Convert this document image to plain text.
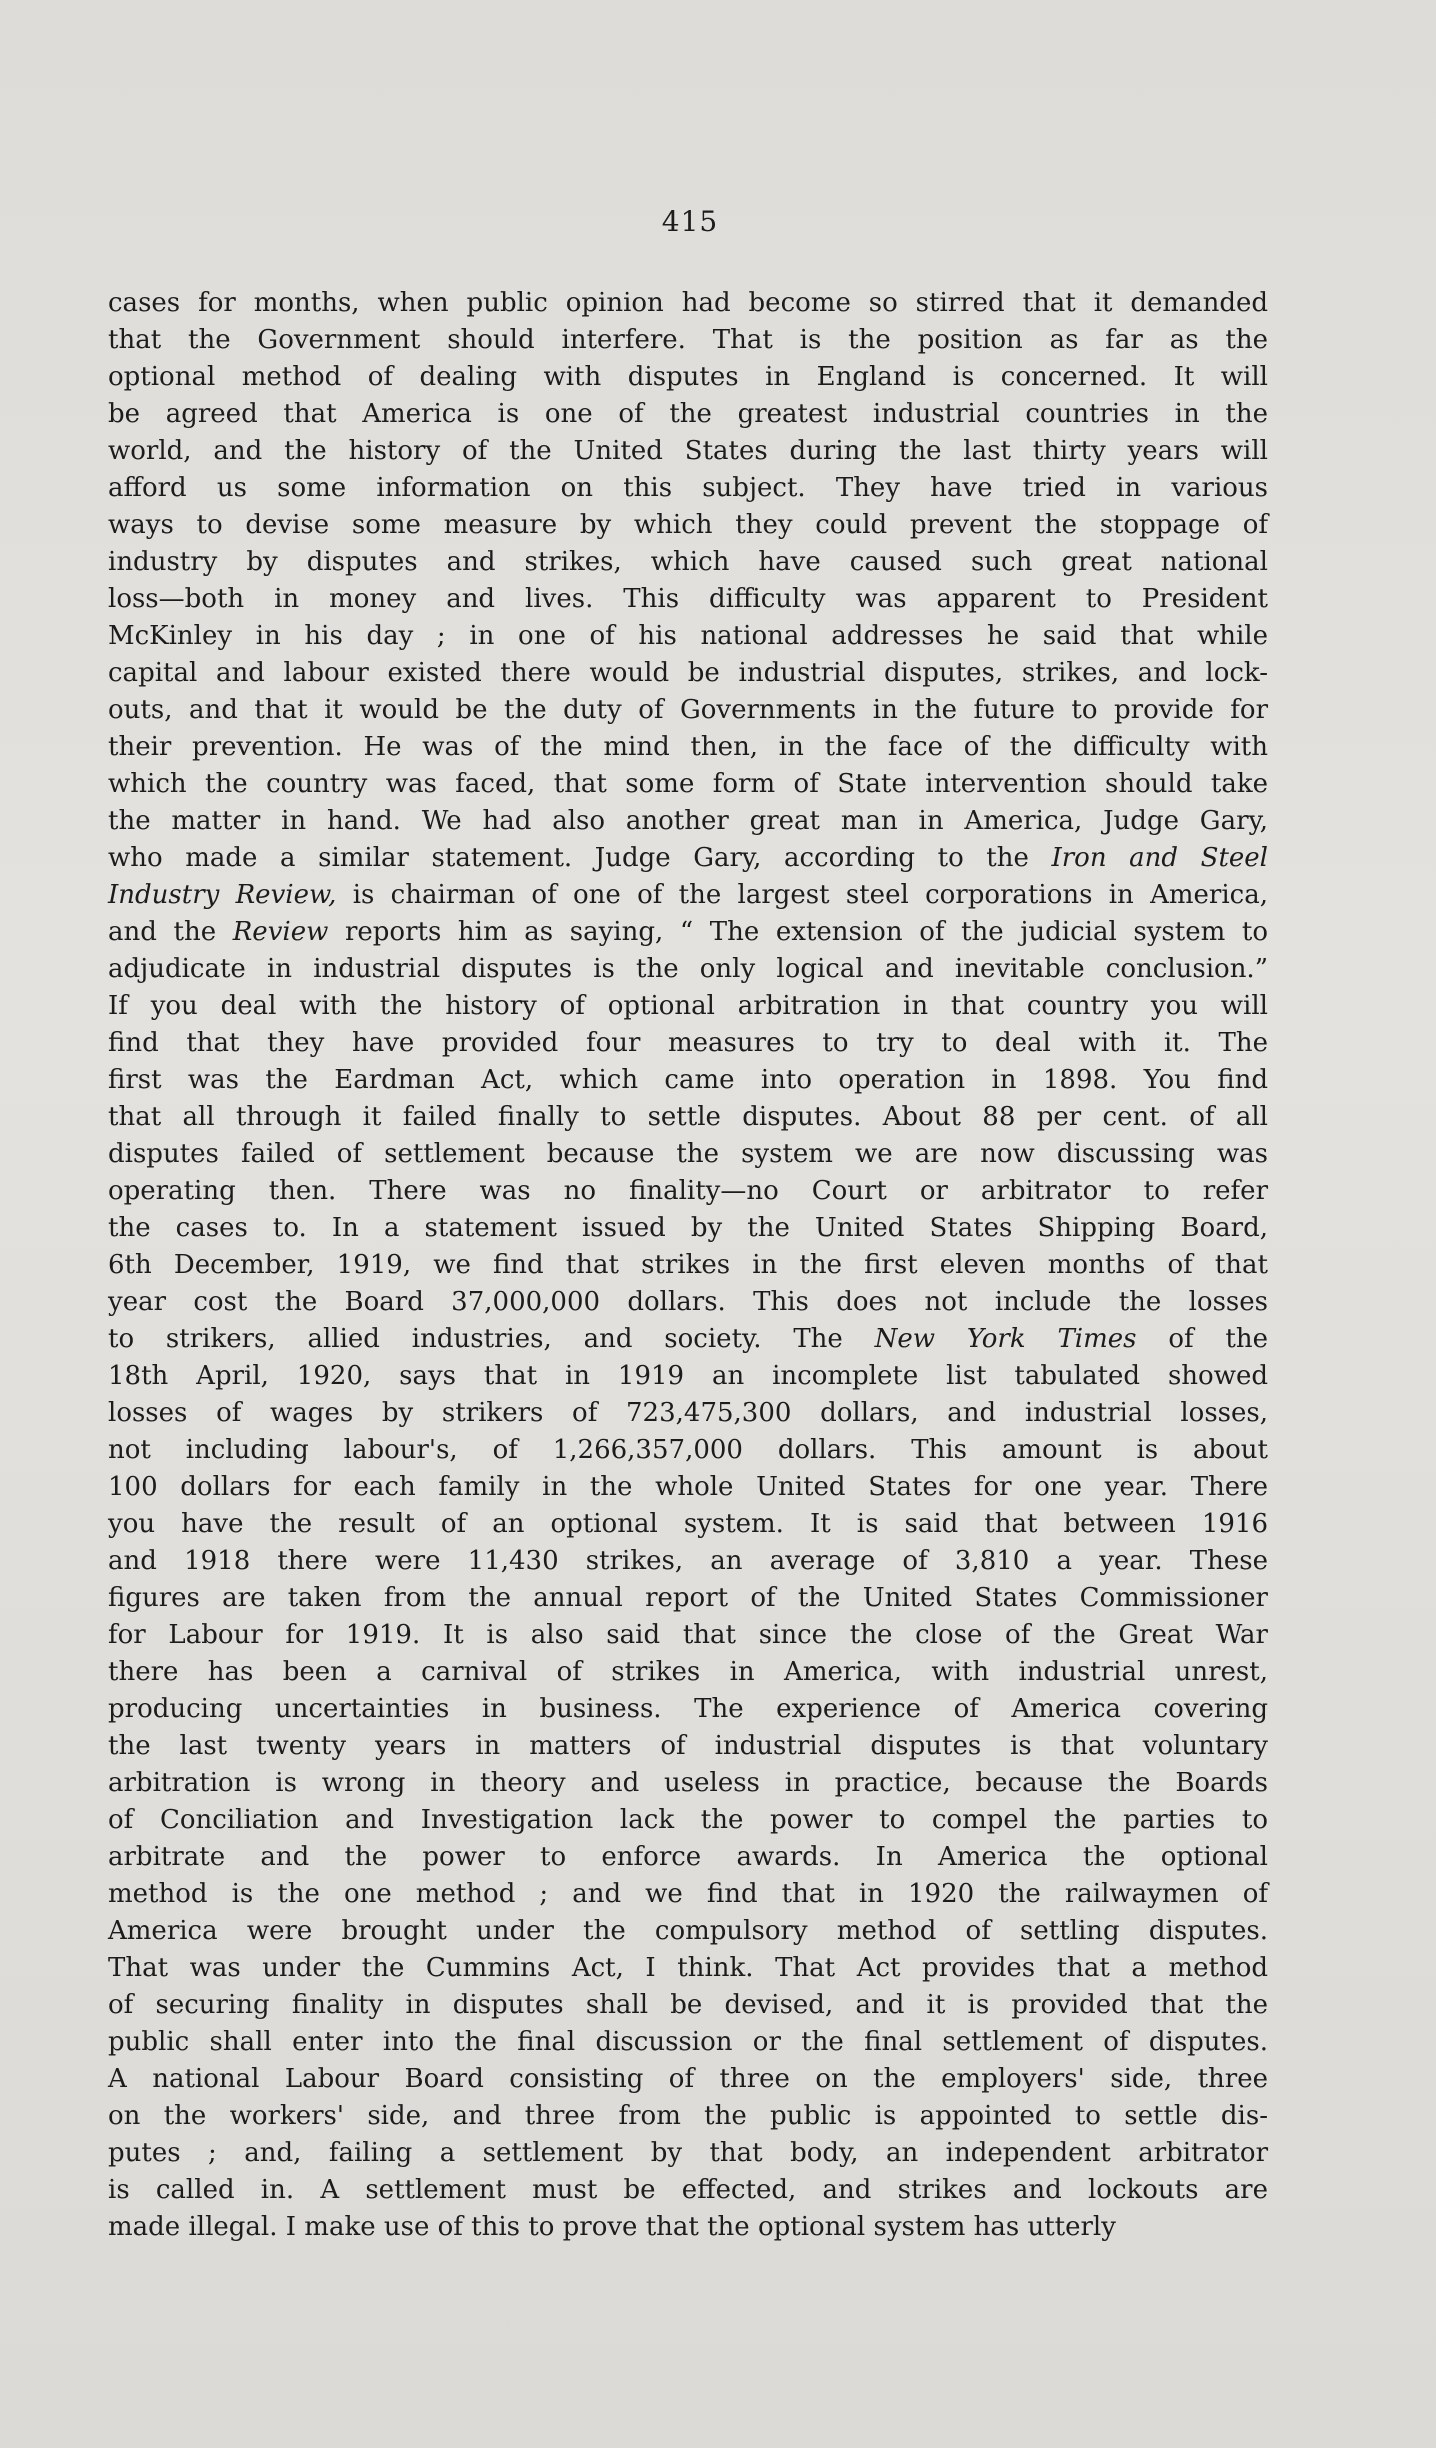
415
cases for months, when public opinion had become so stirred that it demanded
that the Government should interfere. That is the position as far as the
optional method of dealing with disputes in England is concerned. It will
be agreed that America is one of the greatest industrial countries in the
world, and the history of the United States during the last thirty years will
afford us some information on this subject. They have tried in various
ways to devise some measure by which they could prevent the stoppage of
industry by disputes and strikes, which have caused such great national
loss—both in money and lives. This difficulty was apparent to President
McKinley in his day ; in one of his national addresses he said that while
capital and labour existed there would be industrial disputes, strikes, and lock-
outs, and that it would be the duty of Governments in the future to provide for
their prevention. He was of the mind then, in the face of the difficulty with
which the country was faced, that some form of State intervention should take
the matter in hand. We had also another great man in America, Judge Gary,
who made a similar statement. Judge Gary, according to the Iron and Steel
Industry Review, is chairman of one of the largest steel corporations in America,
and the Review reports him as saying, “ The extension of the judicial system to
adjudicate in industrial disputes is the only logical and inevitable conclusion.”
If you deal with the history of optional arbitration in that country you will
find that they have provided four measures to try to deal with it. The
first was the Eardman Act, which came into operation in 1898. You find
that all through it failed finally to settle disputes. About 88 per cent. of all
disputes failed of settlement because the system we are now discussing was
operating then. There was no finality—no Court or arbitrator to refer
the cases to. In a statement issued by the United States Shipping Board,
6th December, 1919, we find that strikes in the first eleven months of that
year cost the Board 37,000,000 dollars. This does not include the losses
to strikers, allied industries, and society. The New York Times of the
18th April, 1920, says that in 1919 an incomplete list tabulated showed
losses of wages by strikers of 723,475,300 dollars, and industrial losses,
not including labour's, of 1,266,357,000 dollars. This amount is about
100 dollars for each family in the whole United States for one year. There
you have the result of an optional system. It is said that between 1916
and 1918 there were 11,430 strikes, an average of 3,810 a year. These
figures are taken from the annual report of the United States Commissioner
for Labour for 1919. It is also said that since the close of the Great War
there has been a carnival of strikes in America, with industrial unrest,
producing uncertainties in business. The experience of America covering
the last twenty years in matters of industrial disputes is that voluntary
arbitration is wrong in theory and useless in practice, because the Boards
of Conciliation and Investigation lack the power to compel the parties to
arbitrate and the power to enforce awards. In America the optional
method is the one method ; and we find that in 1920 the railwaymen of
America were brought under the compulsory method of settling disputes.
That was under the Cummins Act, I think. That Act provides that a method
of securing finality in disputes shall be devised, and it is provided that the
public shall enter into the final discussion or the final settlement of disputes.
A national Labour Board consisting of three on the employers' side, three
on the workers' side, and three from the public is appointed to settle dis-
putes ; and, failing a settlement by that body, an independent arbitrator
is called in. A settlement must be effected, and strikes and lockouts are
made illegal. I make use of this to prove that the optional system has utterly
